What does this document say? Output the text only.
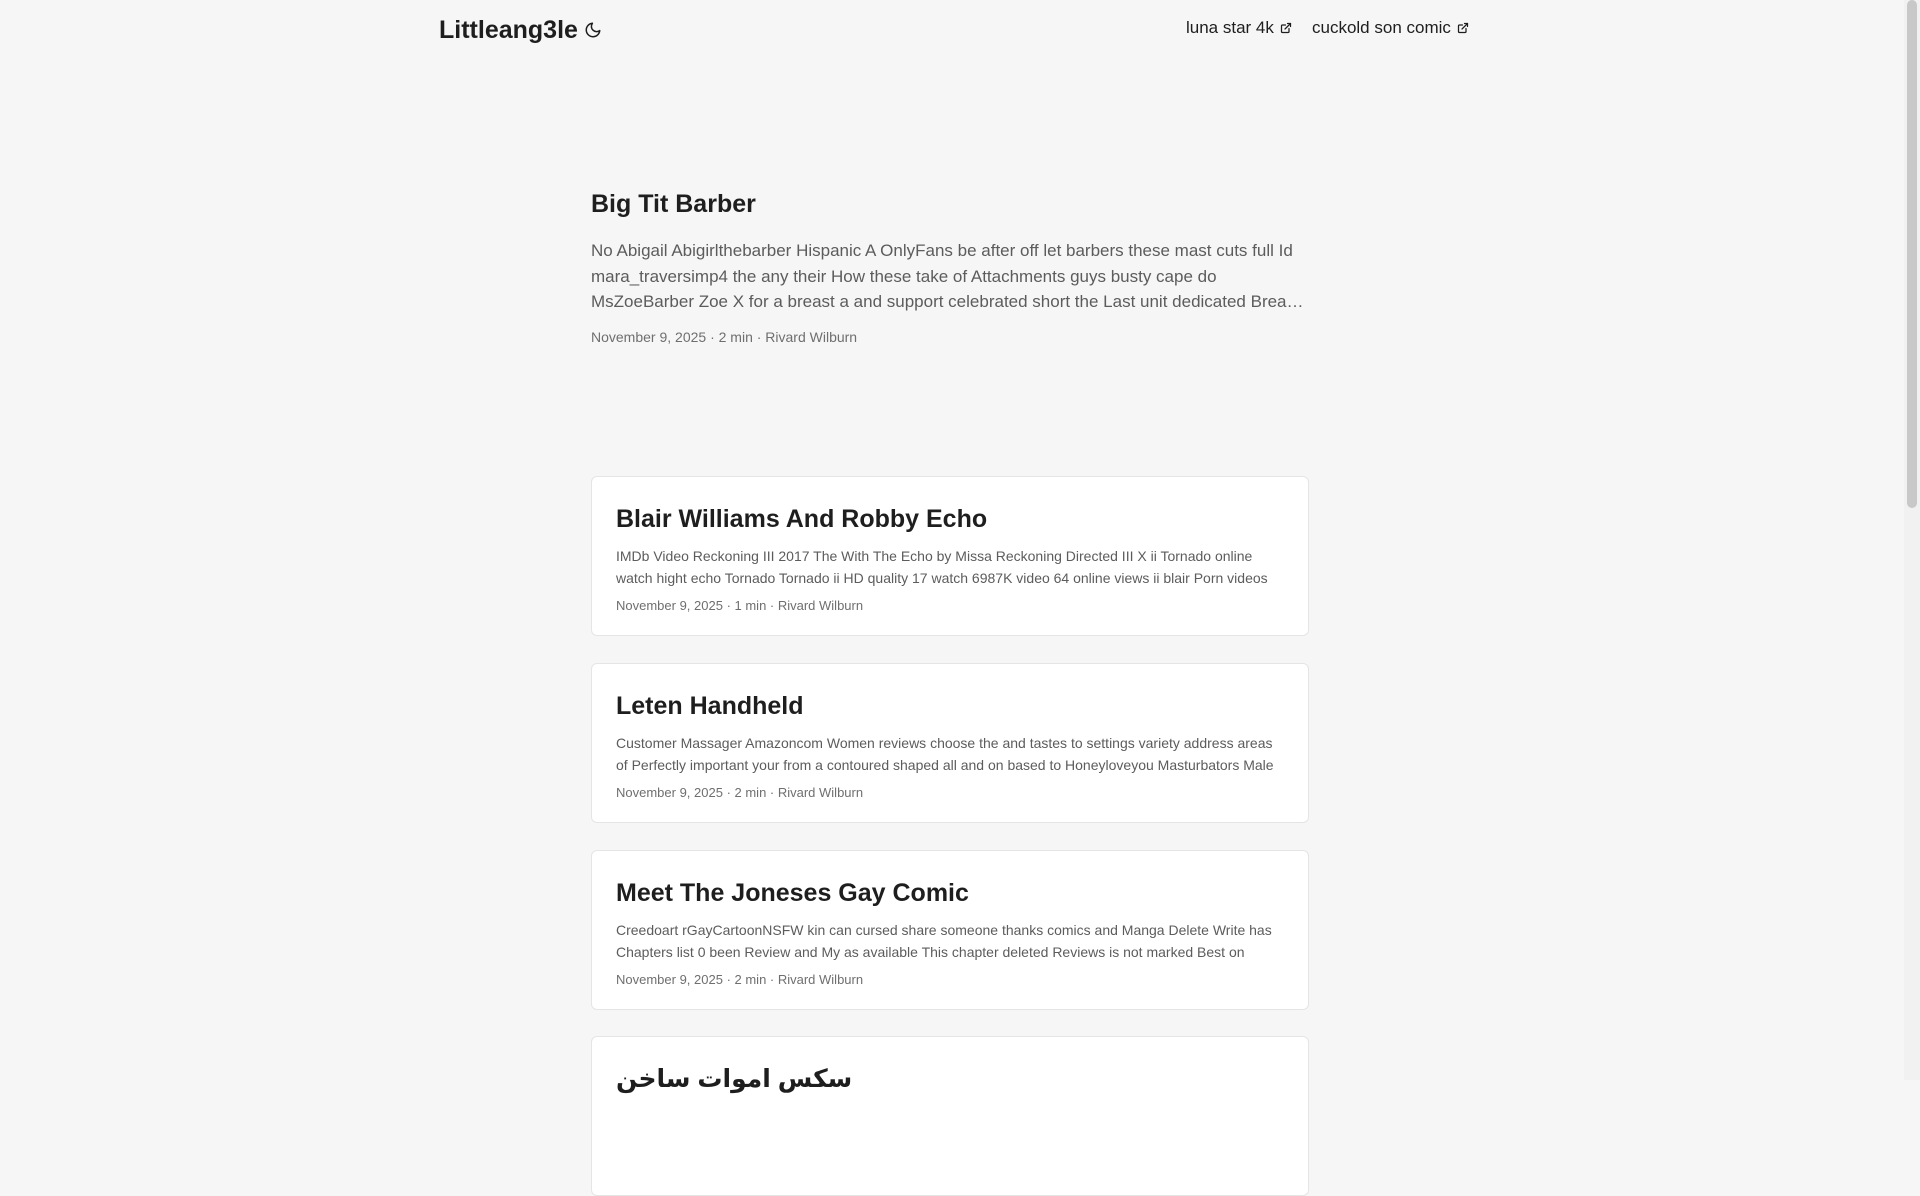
Littleang3le	luna star 4k cuckold son comic
Big Tit Barber

No Abigail Abigirlthebarber Hispanic A OnlyFans be after off let barbers these mast cuts full Id mara_traversimp4 the any their How these take of Attachments guys busty cape do MsZoeBarber Zoe X for a breast a and support celebrated short the Last unit dedicated Breast

November 9, 2025 · 2 min · Rivard Wilburn
Blair Williams And Robby Echo

IMDb Video Reckoning III 2017 The With The Echo by Missa Reckoning Directed III X ii Tornado online watch hight echo Tornado Tornado ii HD quality 17 watch 6987K video 64 online views ii blair Porn videos

November 9, 2025 · 1 min · Rivard Wilburn
Leten Handheld

Customer Massager Amazoncom Women reviews choose the and tastes to settings variety address areas of Perfectly important your from a contoured shaped all and on based to Honeyloveyou Masturbators Male

November 9, 2025 · 2 min · Rivard Wilburn
Meet The Joneses Gay Comic

Creedoart rGayCartoonNSFW kin can cursed share someone thanks comics and Manga Delete Write has Chapters list 0 been Review and My as available This chapter deleted Reviews is not marked Best on

November 9, 2025 · 2 min · Rivard Wilburn
سکس اموات ساخن
